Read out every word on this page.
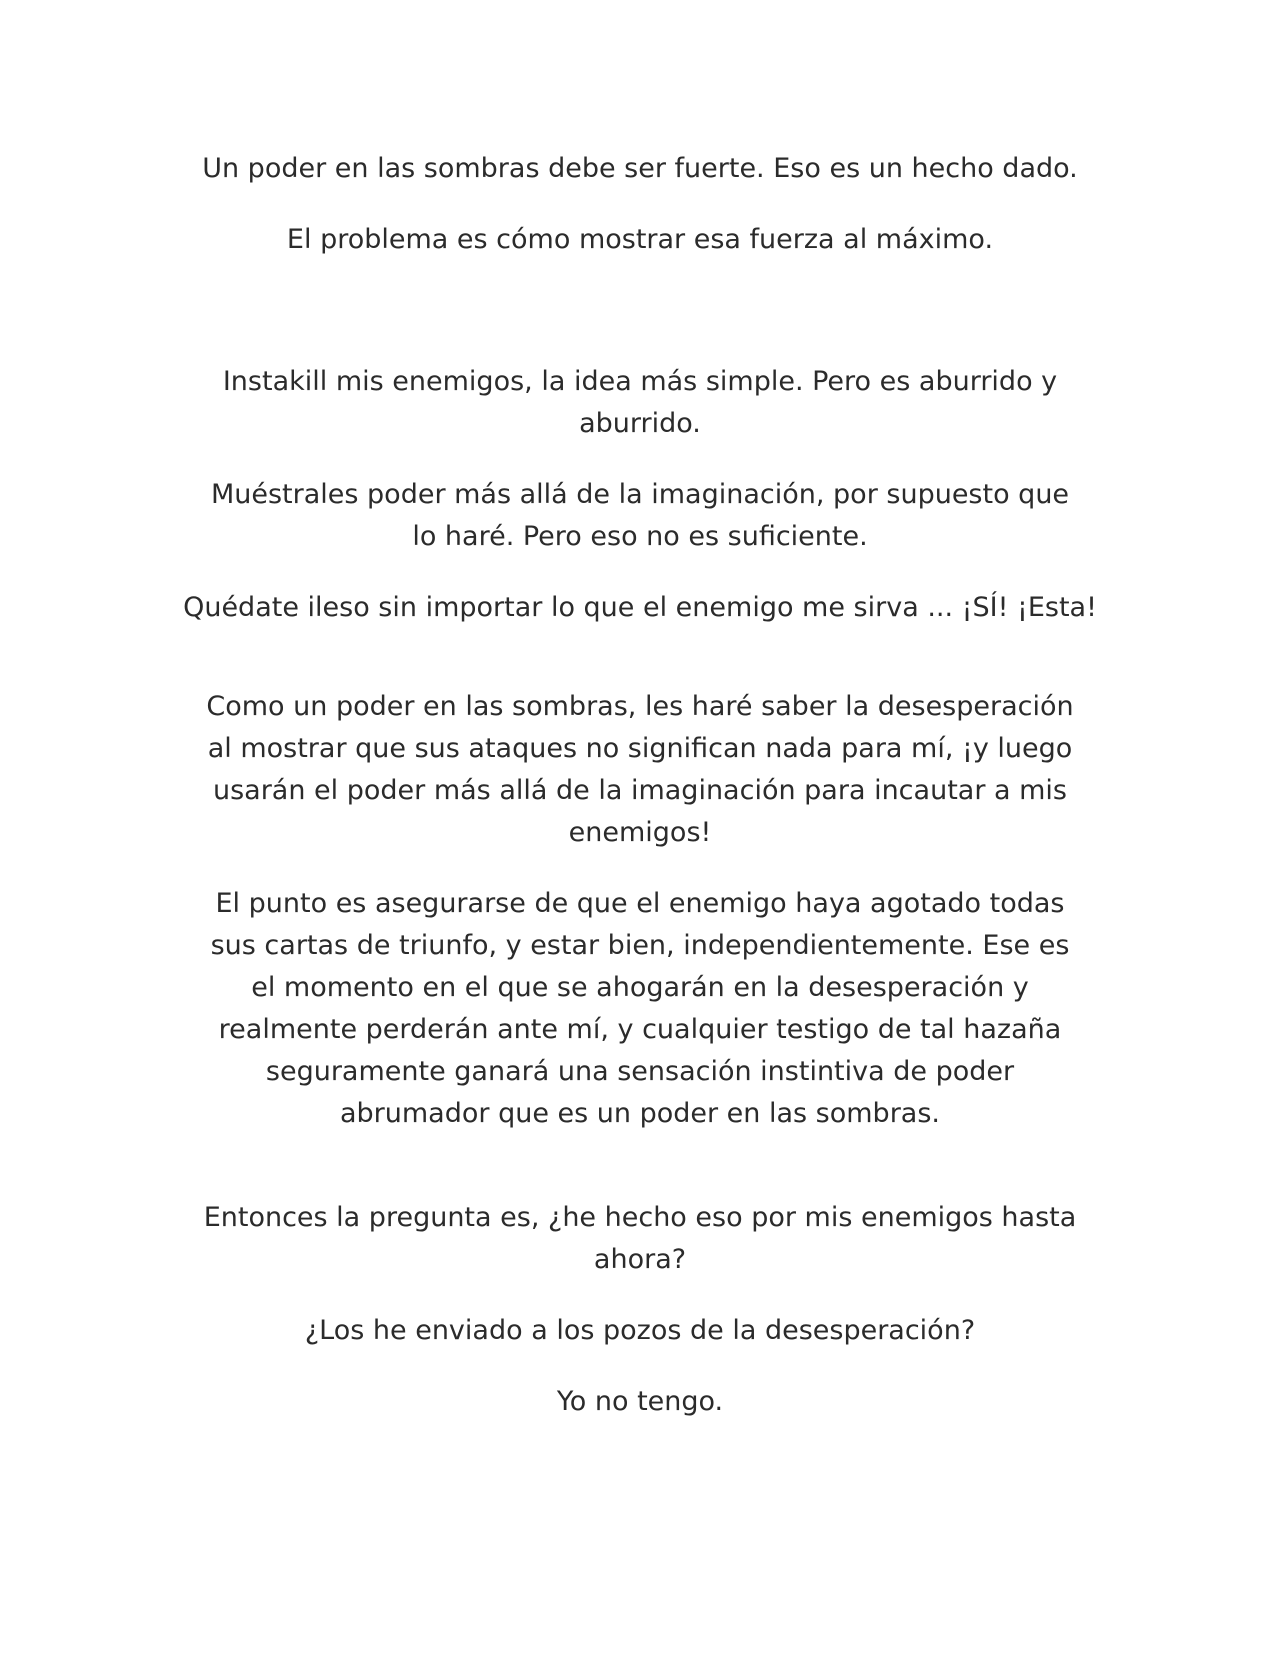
Un poder en las sombras debe ser fuerte. Eso es un hecho dado.

El problema es cómo mostrar esa fuerza al máximo.

Instakill mis enemigos, la idea más simple. Pero es aburrido y aburrido.

Muéstrales poder más allá de la imaginación, por supuesto que lo haré. Pero eso no es suficiente.

Quédate ileso sin importar lo que el enemigo me sirva ... ¡SÍ! ¡Esta!

Como un poder en las sombras, les haré saber la desesperación al mostrar que sus ataques no significan nada para mí, ¡y luego usarán el poder más allá de la imaginación para incautar a mis enemigos!

El punto es asegurarse de que el enemigo haya agotado todas sus cartas de triunfo, y estar bien, independientemente. Ese es el momento en el que se ahogarán en la desesperación y realmente perderán ante mí, y cualquier testigo de tal hazaña seguramente ganará una sensación instintiva de poder abrumador que es un poder en las sombras.

Entonces la pregunta es, ¿he hecho eso por mis enemigos hasta ahora?

¿Los he enviado a los pozos de la desesperación?

Yo no tengo.
